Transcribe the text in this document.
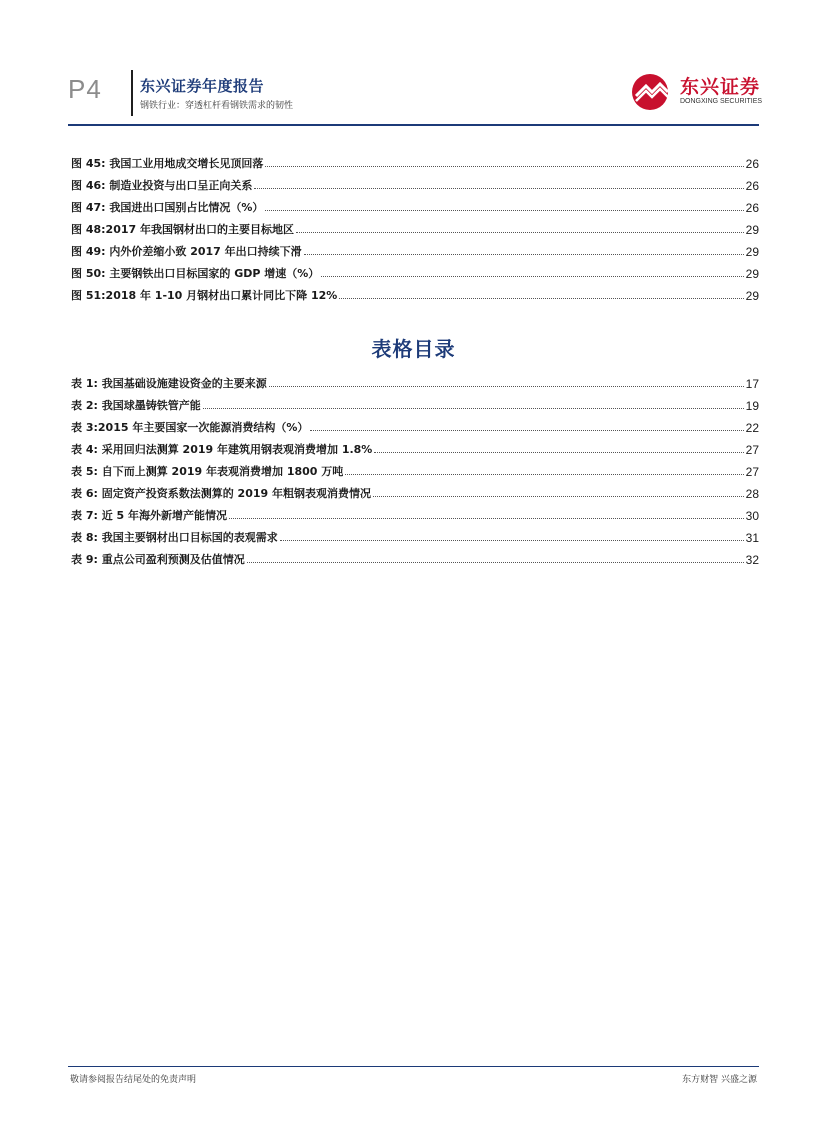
P4	东兴证券年度报告
钢铁行业：穿透杠杆看钢铁需求的韧性
东兴证券
DONGXING SECURITIES
图 45: 我国工业用地成交增长见顶回落	26
图 46: 制造业投资与出口呈正向关系	26
图 47: 我国进出口国别占比情况（%）	26
图 48:2017 年我国钢材出口的主要目标地区	29
图 49: 内外价差缩小致 2017 年出口持续下滑	29
图 50: 主要钢铁出口目标国家的 GDP 增速（%）	29
图 51:2018 年 1-10 月钢材出口累计同比下降 12%	29
表格目录
表 1: 我国基础设施建设资金的主要来源	17
表 2: 我国球墨铸铁管产能	19
表 3:2015 年主要国家一次能源消费结构（%）	22
表 4: 采用回归法测算 2019 年建筑用钢表观消费增加 1.8%	27
表 5: 自下而上测算 2019 年表观消费增加 1800 万吨	27
表 6: 固定资产投资系数法测算的 2019 年粗钢表观消费情况	28
表 7: 近 5 年海外新增产能情况	30
表 8: 我国主要钢材出口目标国的表观需求	31
表 9: 重点公司盈利预测及估值情况	32
敬请参阅报告结尾处的免责声明	东方财智 兴盛之源
